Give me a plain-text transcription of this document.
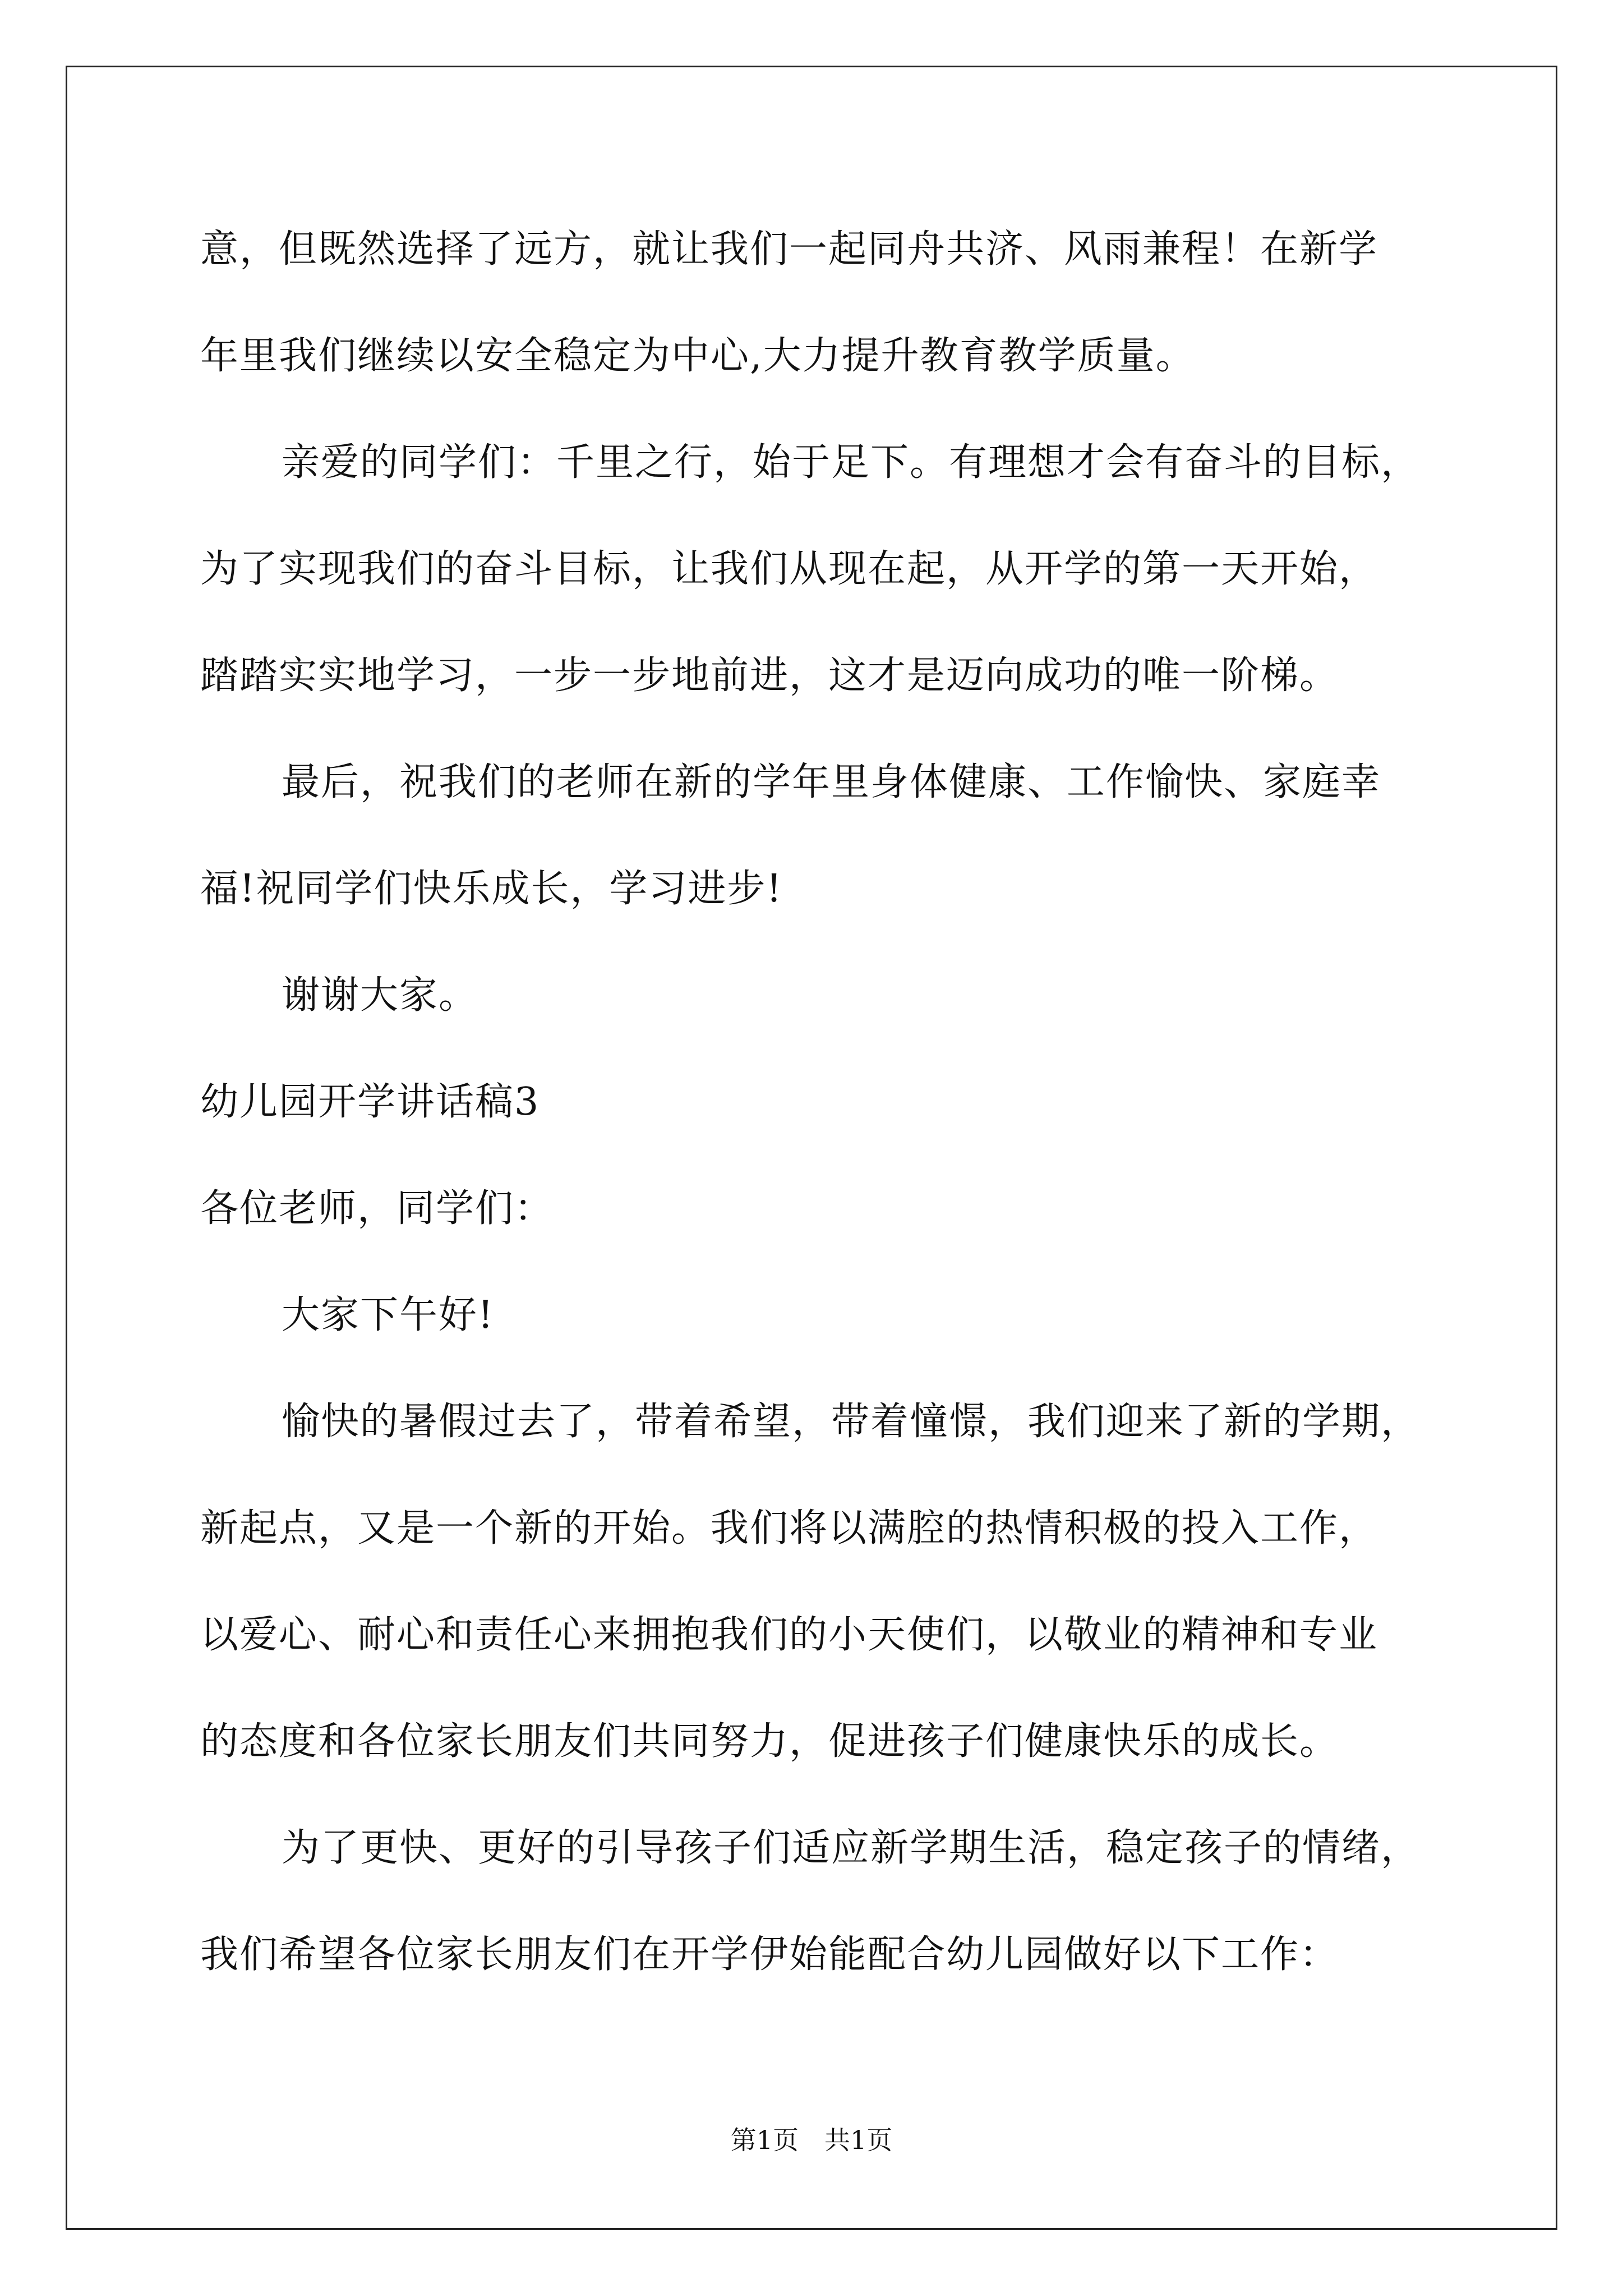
意，但既然选择了远方，就让我们一起同舟共济、风雨兼程！在新学
年里我们继续以安全稳定为中心,大力提升教育教学质量。
亲爱的同学们：千里之行，始于足下。有理想才会有奋斗的目标，
为了实现我们的奋斗目标，让我们从现在起，从开学的第一天开始，
踏踏实实地学习，一步一步地前进，这才是迈向成功的唯一阶梯。
最后，祝我们的老师在新的学年里身体健康、工作愉快、家庭幸
福!祝同学们快乐成长，学习进步!
谢谢大家。
幼儿园开学讲话稿3
各位老师，同学们：
大家下午好!
愉快的暑假过去了，带着希望，带着憧憬，我们迎来了新的学期，
新起点，又是一个新的开始。我们将以满腔的热情积极的投入工作，
以爱心、耐心和责任心来拥抱我们的小天使们，以敬业的精神和专业
的态度和各位家长朋友们共同努力，促进孩子们健康快乐的成长。
为了更快、更好的引导孩子们适应新学期生活，稳定孩子的情绪，
我们希望各位家长朋友们在开学伊始能配合幼儿园做好以下工作：
第1页　共1页
